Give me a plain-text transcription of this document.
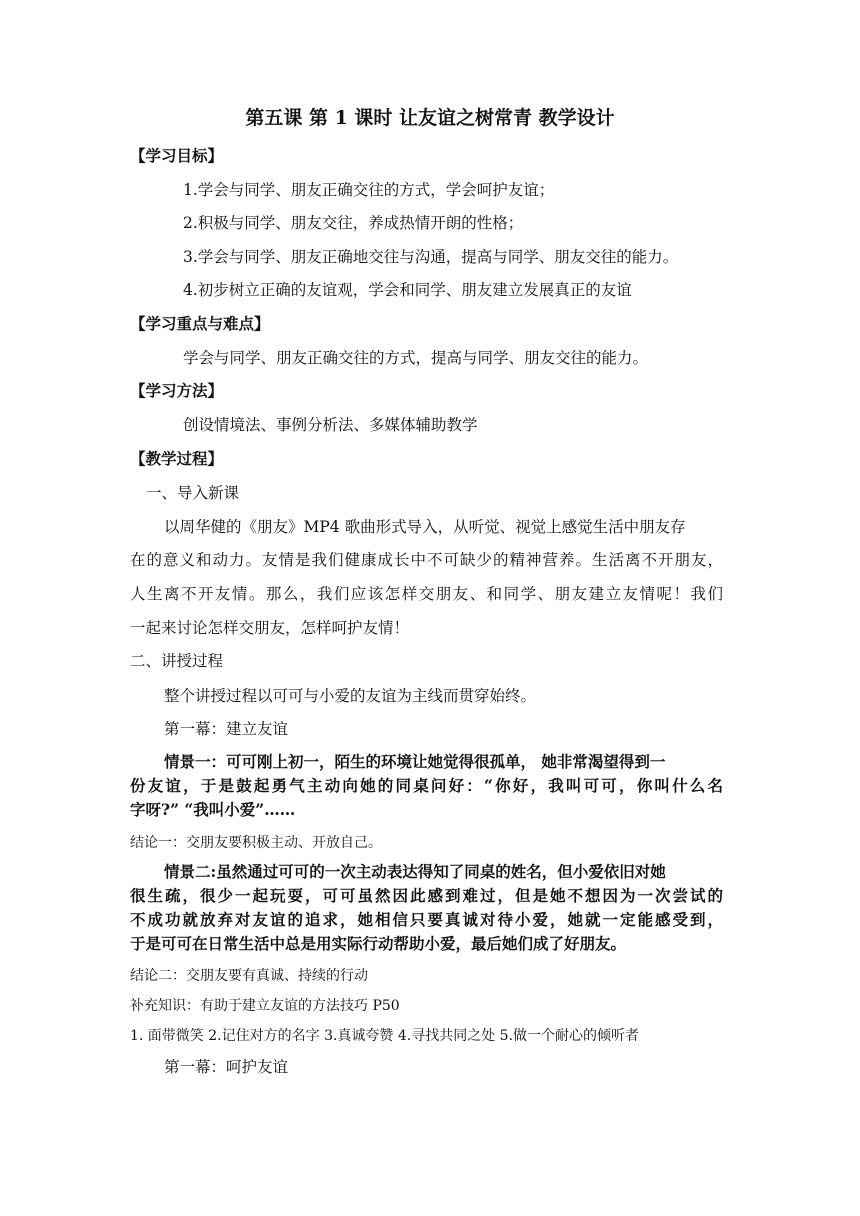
第五课 第 1 课时 让友谊之树常青 教学设计
【学习目标】
1.学会与同学、朋友正确交往的方式，学会呵护友谊；
2.积极与同学、朋友交往，养成热情开朗的性格；
3.学会与同学、朋友正确地交往与沟通，提高与同学、朋友交往的能力。
4.初步树立正确的友谊观，学会和同学、朋友建立发展真正的友谊
【学习重点与难点】
学会与同学、朋友正确交往的方式，提高与同学、朋友交往的能力。
【学习方法】
创设情境法、事例分析法、多媒体辅助教学
【教学过程】
一、导入新课
以周华健的《朋友》MP4 歌曲形式导入，从听觉、视觉上感觉生活中朋友存
在的意义和动力。友情是我们健康成长中不可缺少的精神营养。生活离不开朋友，
人生离不开友情。那么，我们应该怎样交朋友、和同学、朋友建立友情呢！我们
一起来讨论怎样交朋友，怎样呵护友情！
二、讲授过程
整个讲授过程以可可与小爱的友谊为主线而贯穿始终。
第一幕：建立友谊
情景一：可可刚上初一，陌生的环境让她觉得很孤单， 她非常渴望得到一
份友谊，于是鼓起勇气主动向她的同桌问好：“你好，我叫可可，你叫什么名
字呀?” “我叫小爱”……
结论一：交朋友要积极主动、开放自己。
情景二:虽然通过可可的一次主动表达得知了同桌的姓名，但小爱依旧对她
很生疏，很少一起玩耍，可可虽然因此感到难过，但是她不想因为一次尝试的
不成功就放弃对友谊的追求，她相信只要真诚对待小爱，她就一定能感受到，
于是可可在日常生活中总是用实际行动帮助小爱，最后她们成了好朋友。
结论二：交朋友要有真诚、持续的行动
补充知识：有助于建立友谊的方法技巧 P50
1. 面带微笑 2.记住对方的名字 3.真诚夸赞 4.寻找共同之处 5.做一个耐心的倾听者
第一幕：呵护友谊
